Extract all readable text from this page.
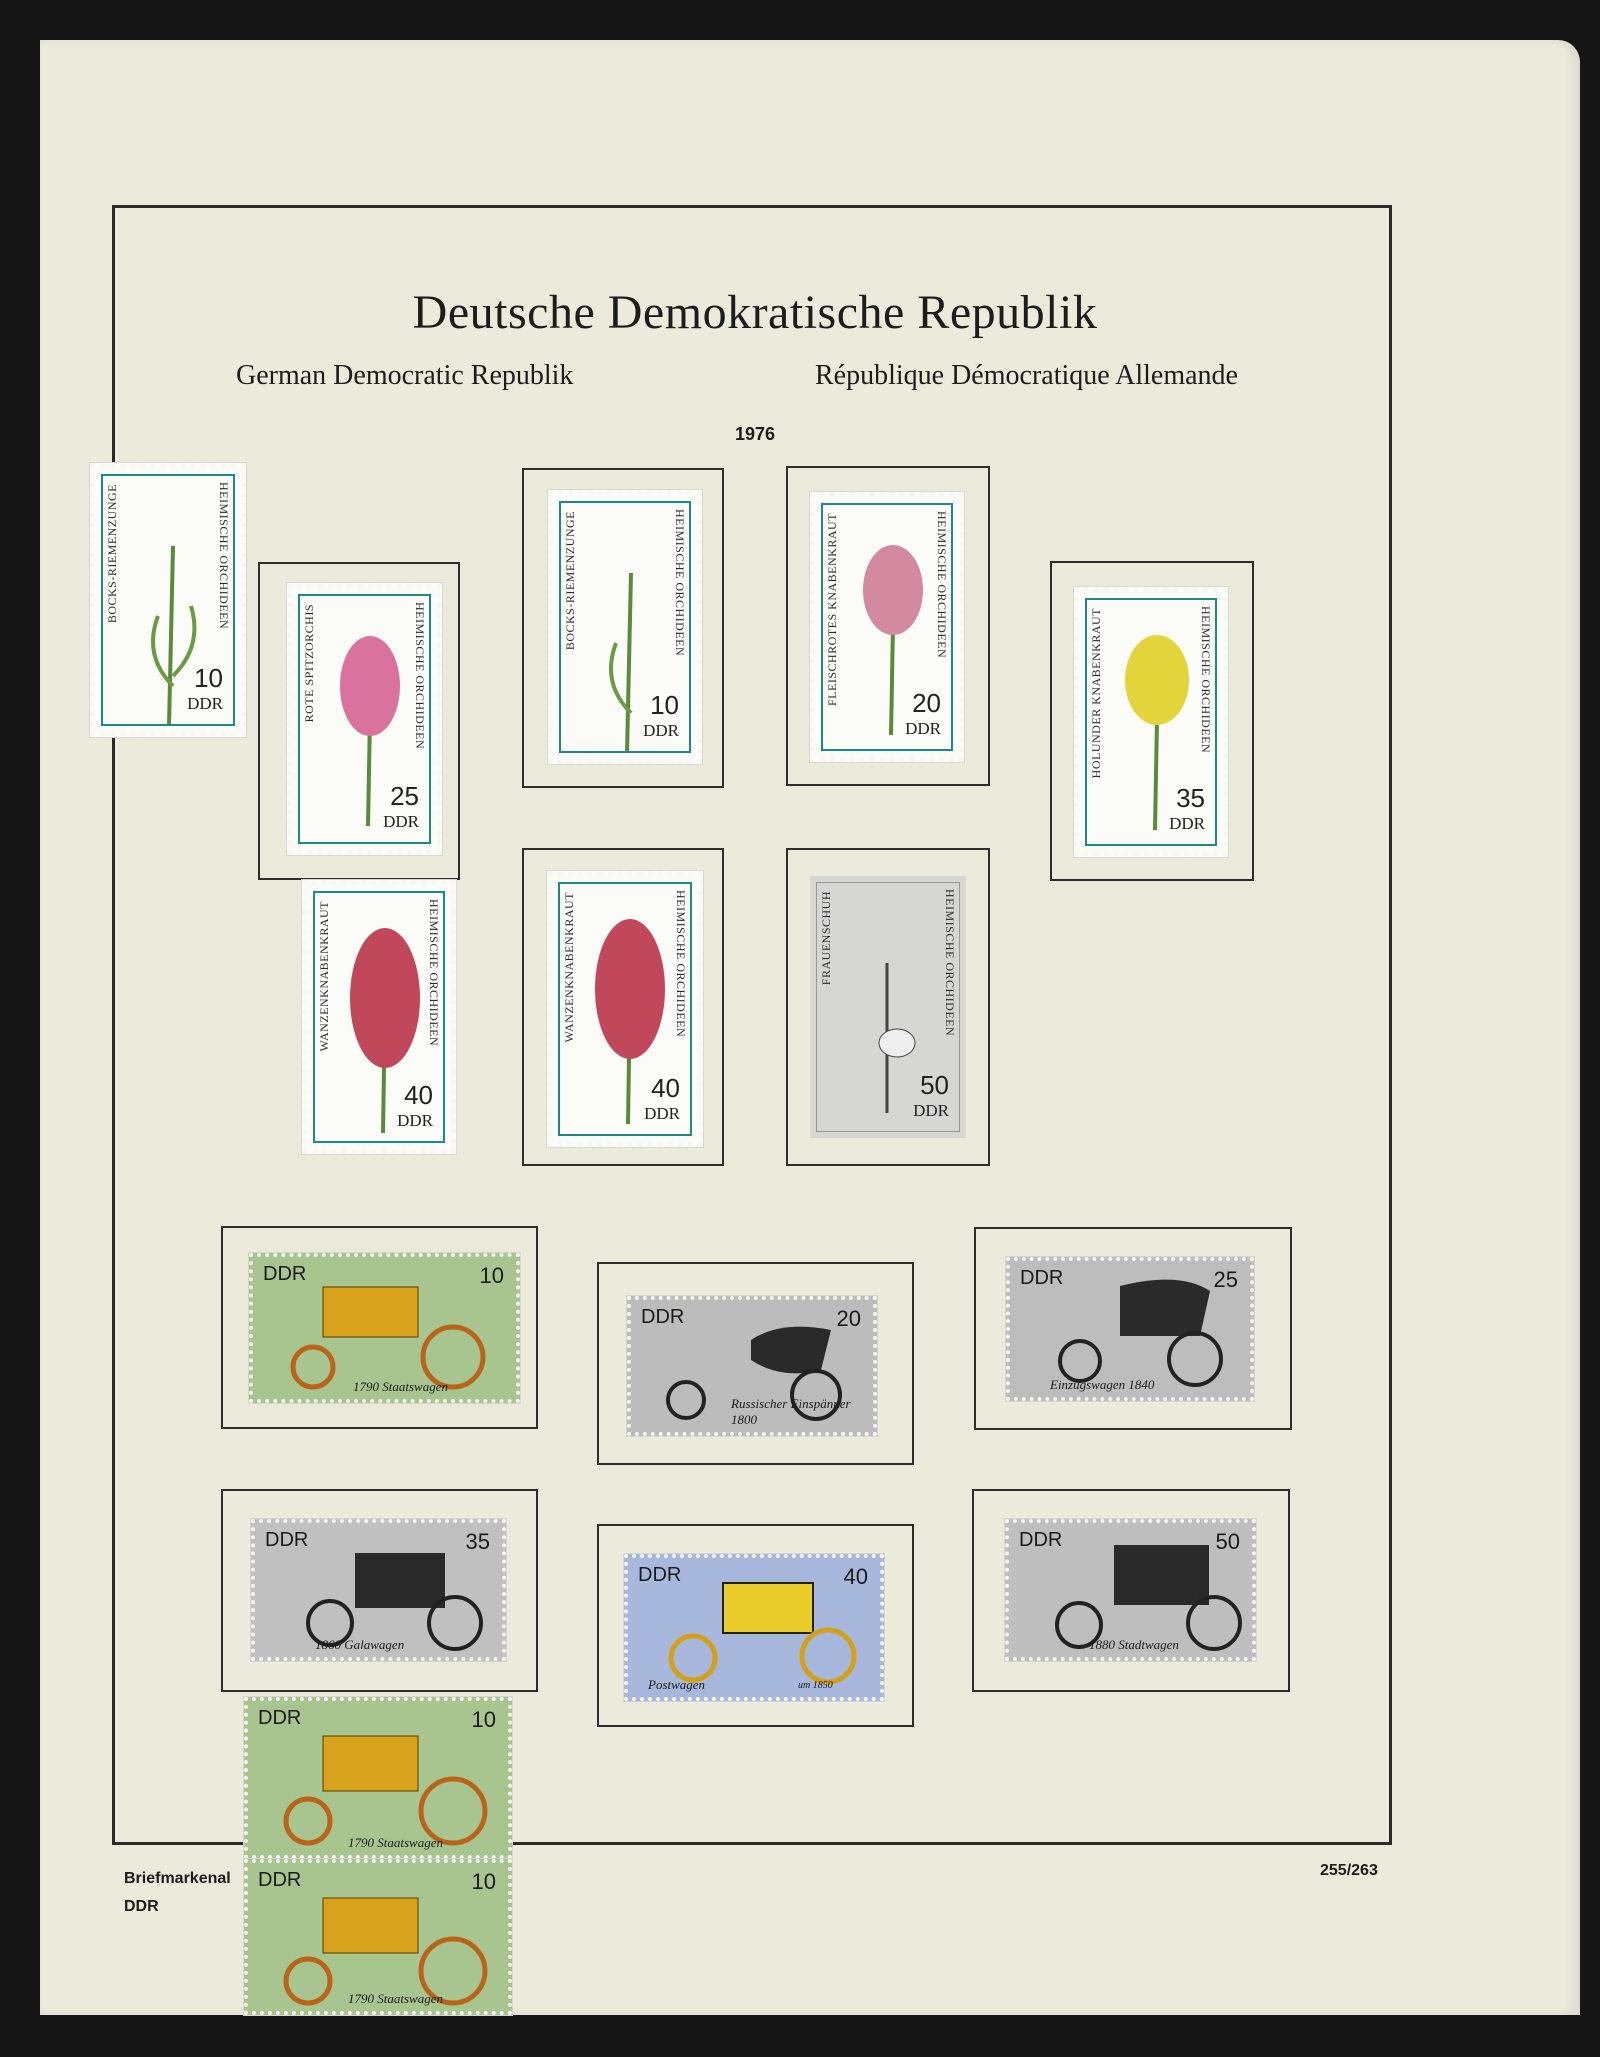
Deutsche Demokratische Republik
German Democratic Republik	République Démocratique Allemande
1976
BOCKS-RIEMENZUNGE	HEIMISCHE ORCHIDEEN
10
DDR	ROTE SPITZORCHIS	HEIMISCHE ORCHIDEEN
25
DDR
BOCKS-RIEMENZUNGE	HEIMISCHE ORCHIDEEN
10
DDR
FLEISCHROTES KNABENKRAUT	HEIMISCHE ORCHIDEEN
20
DDR	HOLUNDER KNABENKRAUT	HEIMISCHE ORCHIDEEN
35
DDR
WANZENKNABENKRAUT	HEIMISCHE ORCHIDEEN
40
DDR
WANZENKNABENKRAUT	HEIMISCHE ORCHIDEEN
40
DDR
FRAUENSCHUH	HEIMISCHE ORCHIDEEN
50
DDR
DDR	10
1790 Staatswagen
DDR	20
Russischer Einspänner 1800
DDR	25
Einzugswagen 1840
DDR	35
1860 Galawagen
DDR	40
Postwagen	um 1850
DDR	50
1880 Stadtwagen
DDR	10
1790 Staatswagen
DDR	10
1790 Staatswagen
Briefmarkenal
DDR
255/263
